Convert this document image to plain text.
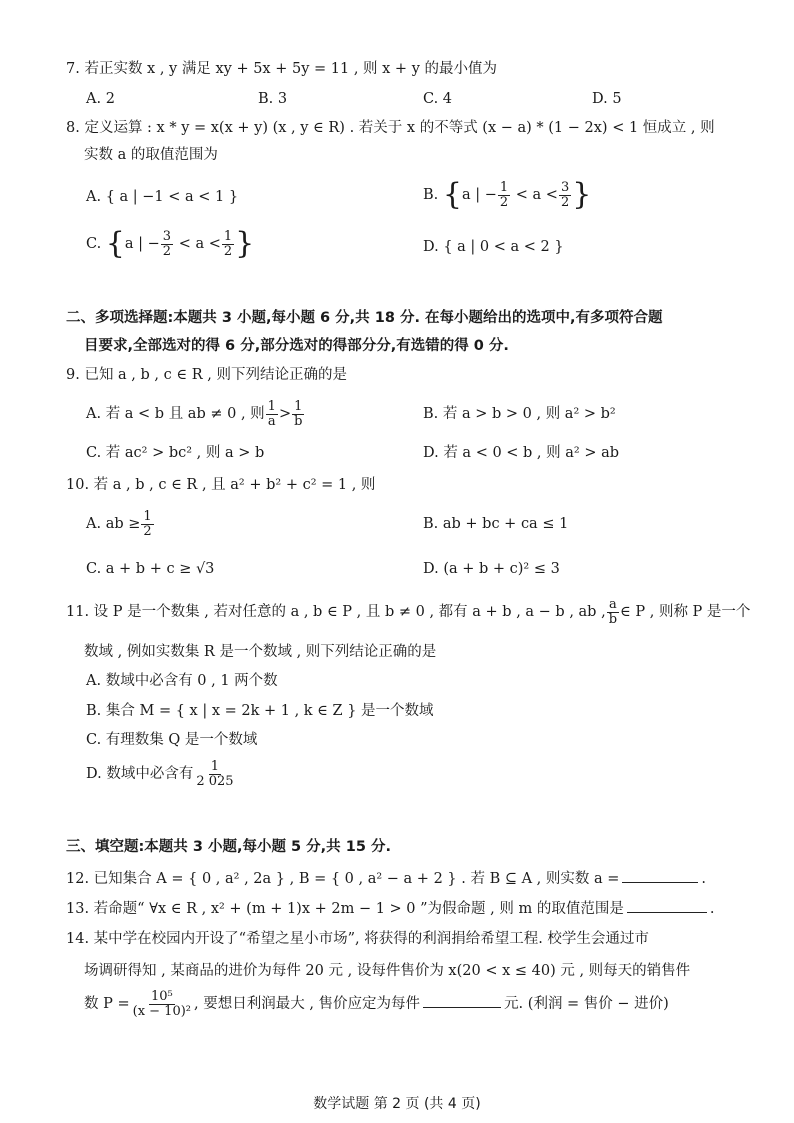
7. 若正实数 x , y 满足 xy + 5x + 5y = 11 , 则 x + y 的最小值为
A. 2	B. 3	C. 4	D. 5
8. 定义运算 : x * y = x(x + y) (x , y ∈ R) . 若关于 x 的不等式 (x − a) * (1 − 2x) < 1 恒成立 , 则
实数 a 的取值范围为
A. { a | −1 < a < 1 }	B. {a | − $\frac{1}{2} < a < \frac{3}{2}$ }
C. {a | − $\frac{3}{2} < a < \frac{1}{2}$ }	D. { a | 0 < a < 2 }
二、多项选择题:本题共 3 小题,每小题 6 分,共 18 分. 在每小题给出的选项中,有多项符合题
目要求,全部选对的得 6 分,部分选对的得部分分,有选错的得 0 分.
9. 已知 a , b , c ∈ R , 则下列结论正确的是
A. 若 a < b 且 ab ≠ 0 , 则 $\frac{1}{a} > \frac{1}{b}$	B. 若 a > b > 0 , 则 a² > b²
C. 若 ac² > bc² , 则 a > b	D. 若 a < 0 < b , 则 a² > ab
10. 若 a , b , c ∈ R , 且 a² + b² + c² = 1 , 则
A. ab ≥ $\frac{1}{2}$	B. ab + bc + ca ≤ 1
C. a + b + c ≥ √3	D. (a + b + c)² ≤ 3
11. 设 P 是一个数集 , 若对任意的 a , b ∈ P , 且 b ≠ 0 , 都有 a + b , a − b , ab , $\frac{a}{b}$ ∈ P , 则称 P 是一个
数域 , 例如实数集 R 是一个数域 , 则下列结论正确的是
A. 数域中必含有 0 , 1 两个数
B. 集合 M = { x | x = 2k + 1 , k ∈ Z } 是一个数域
C. 有理数集 Q 是一个数域
D. 数域中必含有 $\frac{1}{2 025}$
三、填空题:本题共 3 小题,每小题 5 分,共 15 分.
12. 已知集合 A = { 0 , a² , 2a } , B = { 0 , a² − a + 2 } . 若 B ⊆ A , 则实数 a =	.
13. 若命题“ ∀x ∈ R , x² + (m + 1)x + 2m − 1 > 0 ”为假命题 , 则 m 的取值范围是	.
14. 某中学在校园内开设了“希望之星小市场”, 将获得的利润捐给希望工程. 校学生会通过市
场调研得知 , 某商品的进价为每件 20 元 , 设每件售价为 x(20 < x ≤ 40) 元 , 则每天的销售件
数 $P = \frac{\text{10⁵}}{\text{(x − 10)²}}$ , 要想日利润最大 , 售价应定为每件	元. (利润 = 售价 − 进价)
数学试题 第 2 页 (共 4 页)
